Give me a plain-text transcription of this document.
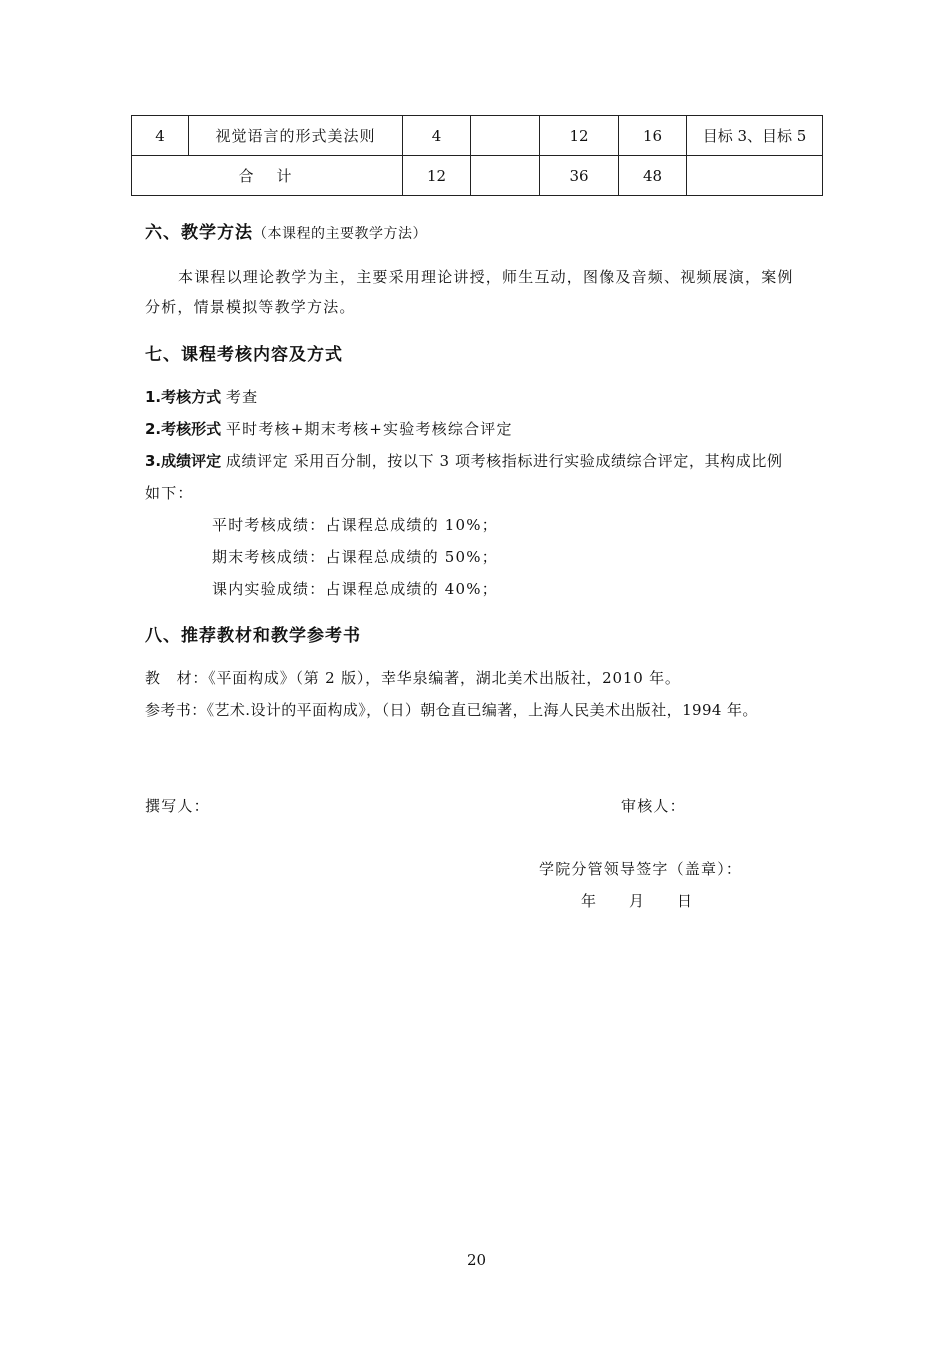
4	视觉语言的形式美法则	4		12	16	目标 3、目标 5
合　计		12		36	48	
六、教学方法（本课程的主要教学方法）
本课程以理论教学为主，主要采用理论讲授，师生互动，图像及音频、视频展演，案例
分析，情景模拟等教学方法。
七、课程考核内容及方式
1.考核方式 考查
2.考核形式 平时考核+期末考核+实验考核综合评定
3.成绩评定 成绩评定 采用百分制，按以下 3 项考核指标进行实验成绩综合评定，其构成比例
如下：
平时考核成绩：占课程总成绩的 10%；
期末考核成绩：占课程总成绩的 50%；
课内实验成绩：占课程总成绩的 40%；
八、推荐教材和教学参考书
教　材：《平面构成》（第 2 版），幸华泉编著，湖北美术出版社，2010 年。
参考书：《艺术.设计的平面构成》，（日）朝仓直已编著，上海人民美术出版社，1994 年。
撰写人：	审核人：
学院分管领导签字（盖章）：
年　　月　　日
20
